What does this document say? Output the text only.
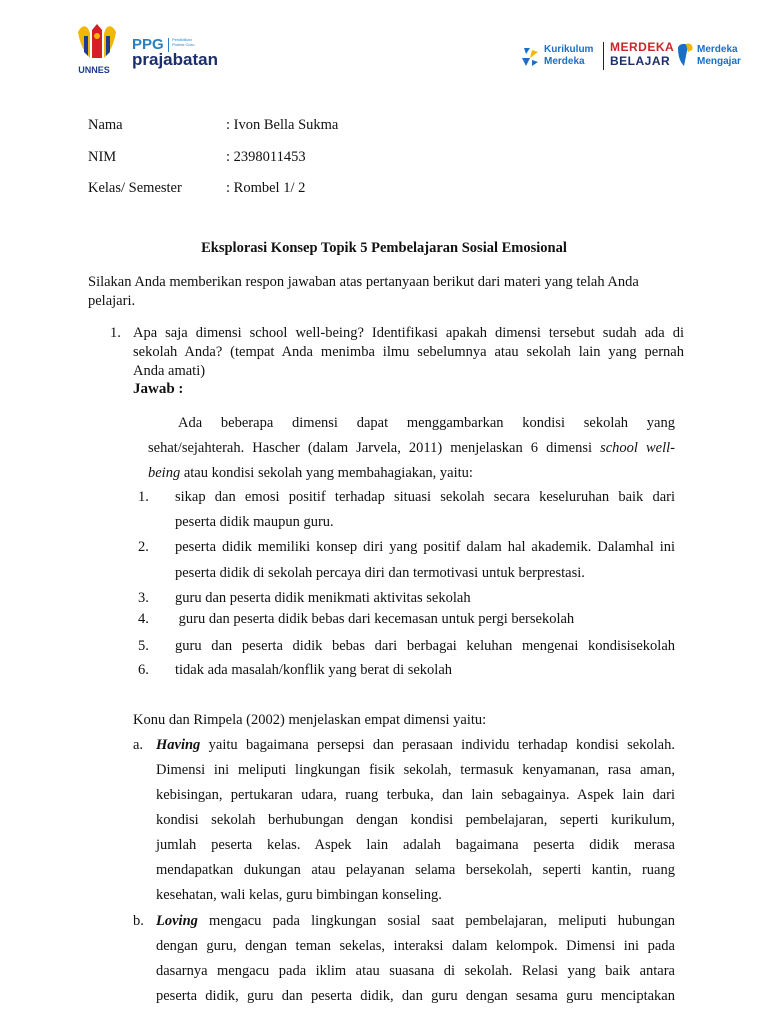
UNNES
PPG Pendidikan Profesi Guru
prajabatan
Kurikulum
Merdeka
MERDEKA
BELAJAR
Merdeka
Mengajar
Nama	: Ivon Bella Sukma
NIM	: 2398011453
Kelas/ Semester	: Rombel 1/ 2
Eksplorasi Konsep Topik 5 Pembelajaran Sosial Emosional
Silakan Anda memberikan respon jawaban atas pertanyaan berikut dari materi yang telah Anda
pelajari.
1. Apa saja dimensi school well-being? Identifikasi apakah dimensi tersebut sudah ada di
sekolah Anda? (tempat Anda menimba ilmu sebelumnya atau sekolah lain yang pernah
Anda amati)
Jawab :
Ada beberapa dimensi dapat menggambarkan kondisi sekolah yang
sehat/sejahterah. Hascher (dalam Jarvela, 2011) menjelaskan 6 dimensi school well-
being atau kondisi sekolah yang membahagiakan, yaitu:
1. sikap dan emosi positif terhadap situasi sekolah secara keseluruhan baik dari
peserta didik maupun guru.
2. peserta didik memiliki konsep diri yang positif dalam hal akademik. Dalamhal ini
peserta didik di sekolah percaya diri dan termotivasi untuk berprestasi.
3. guru dan peserta didik menikmati aktivitas sekolah
4. guru dan peserta didik bebas dari kecemasan untuk pergi bersekolah
5. guru dan peserta didik bebas dari berbagai keluhan mengenai kondisisekolah
6. tidak ada masalah/konflik yang berat di sekolah
Konu dan Rimpela (2002) menjelaskan empat dimensi yaitu:
a. Having yaitu bagaimana persepsi dan perasaan individu terhadap kondisi sekolah.
Dimensi ini meliputi lingkungan fisik sekolah, termasuk kenyamanan, rasa aman,
kebisingan, pertukaran udara, ruang terbuka, dan lain sebagainya. Aspek lain dari
kondisi sekolah berhubungan dengan kondisi pembelajaran, seperti kurikulum,
jumlah peserta kelas. Aspek lain adalah bagaimana peserta didik merasa
mendapatkan dukungan atau pelayanan selama bersekolah, seperti kantin, ruang
kesehatan, wali kelas, guru bimbingan konseling.
b. Loving mengacu pada lingkungan sosial saat pembelajaran, meliputi hubungan
dengan guru, dengan teman sekelas, interaksi dalam kelompok. Dimensi ini pada
dasarnya mengacu pada iklim atau suasana di sekolah. Relasi yang baik antara
peserta didik, guru dan peserta didik, dan guru dengan sesama guru menciptakan
